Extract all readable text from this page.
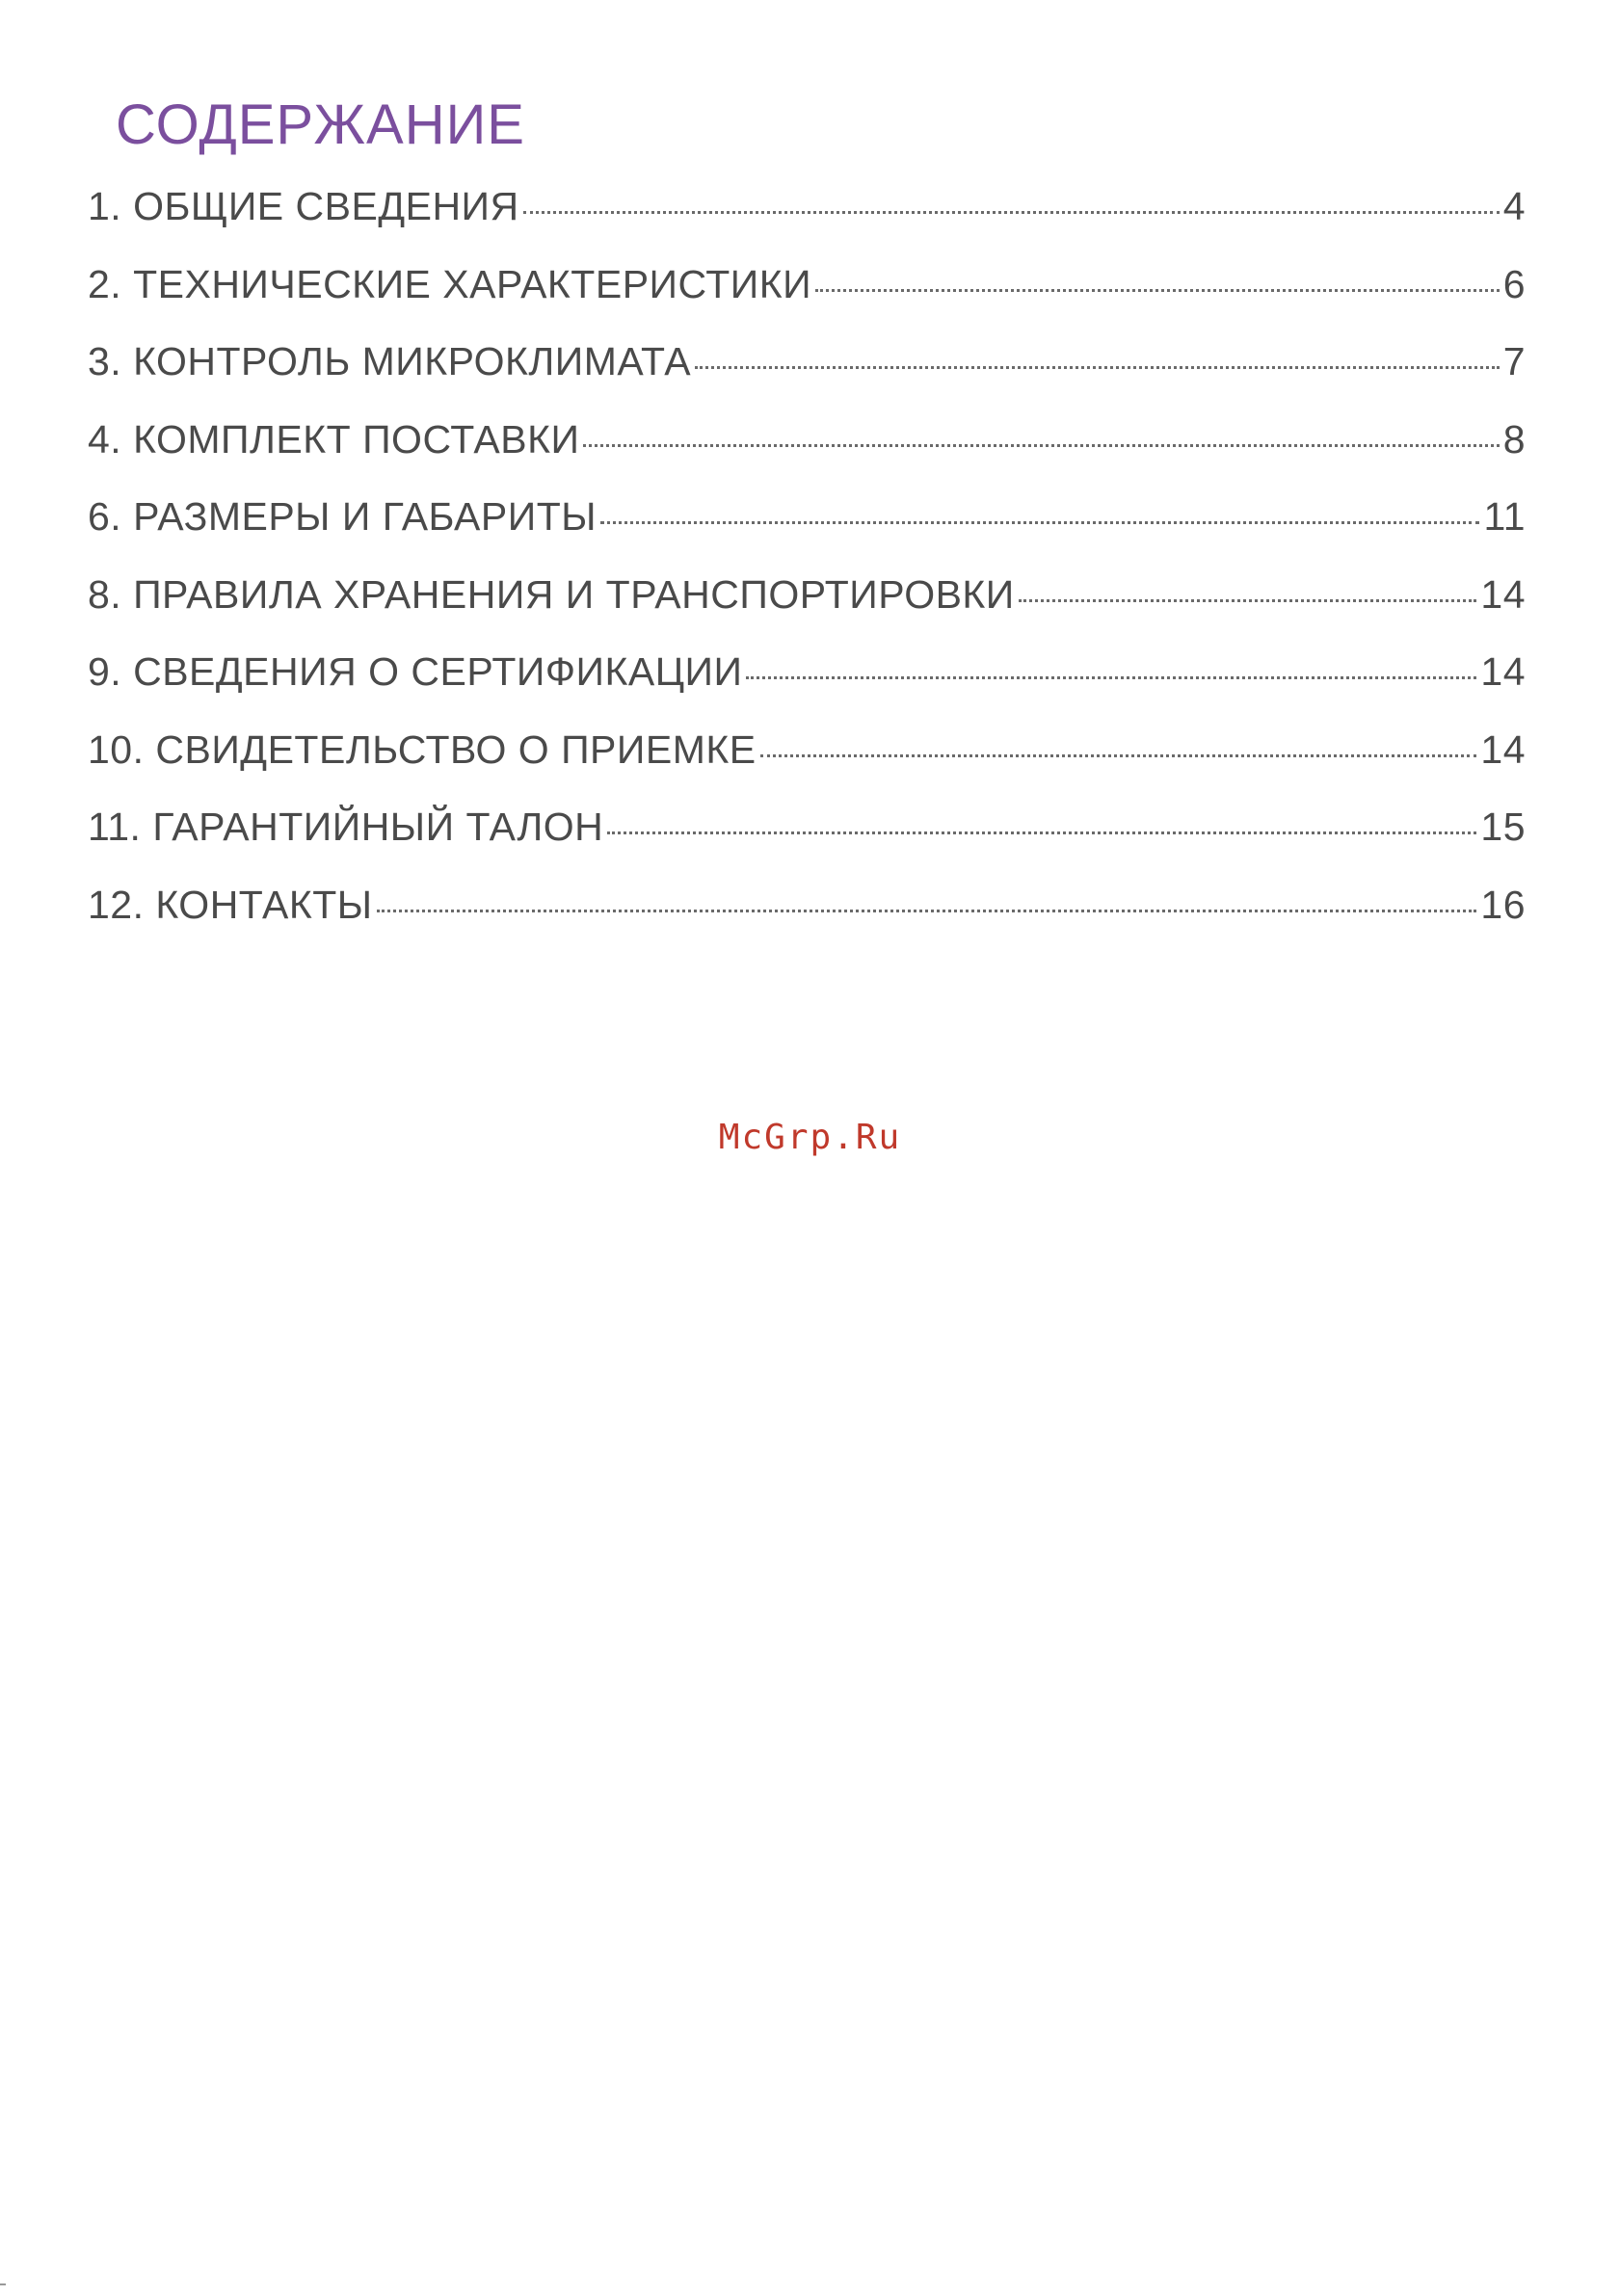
СОДЕРЖАНИЕ
1. ОБЩИЕ СВЕДЕНИЯ	4
2. ТЕХНИЧЕСКИЕ ХАРАКТЕРИСТИКИ	6
3. КОНТРОЛЬ МИКРОКЛИМАТА	7
4. КОМПЛЕКТ ПОСТАВКИ	8
6. РАЗМЕРЫ И ГАБАРИТЫ	11
8. ПРАВИЛА ХРАНЕНИЯ И ТРАНСПОРТИРОВКИ	14
9. СВЕДЕНИЯ О СЕРТИФИКАЦИИ	14
10. СВИДЕТЕЛЬСТВО О ПРИЕМКЕ	14
11. ГАРАНТИЙНЫЙ ТАЛОН	15
12. КОНТАКТЫ	16
McGrp.Ru
